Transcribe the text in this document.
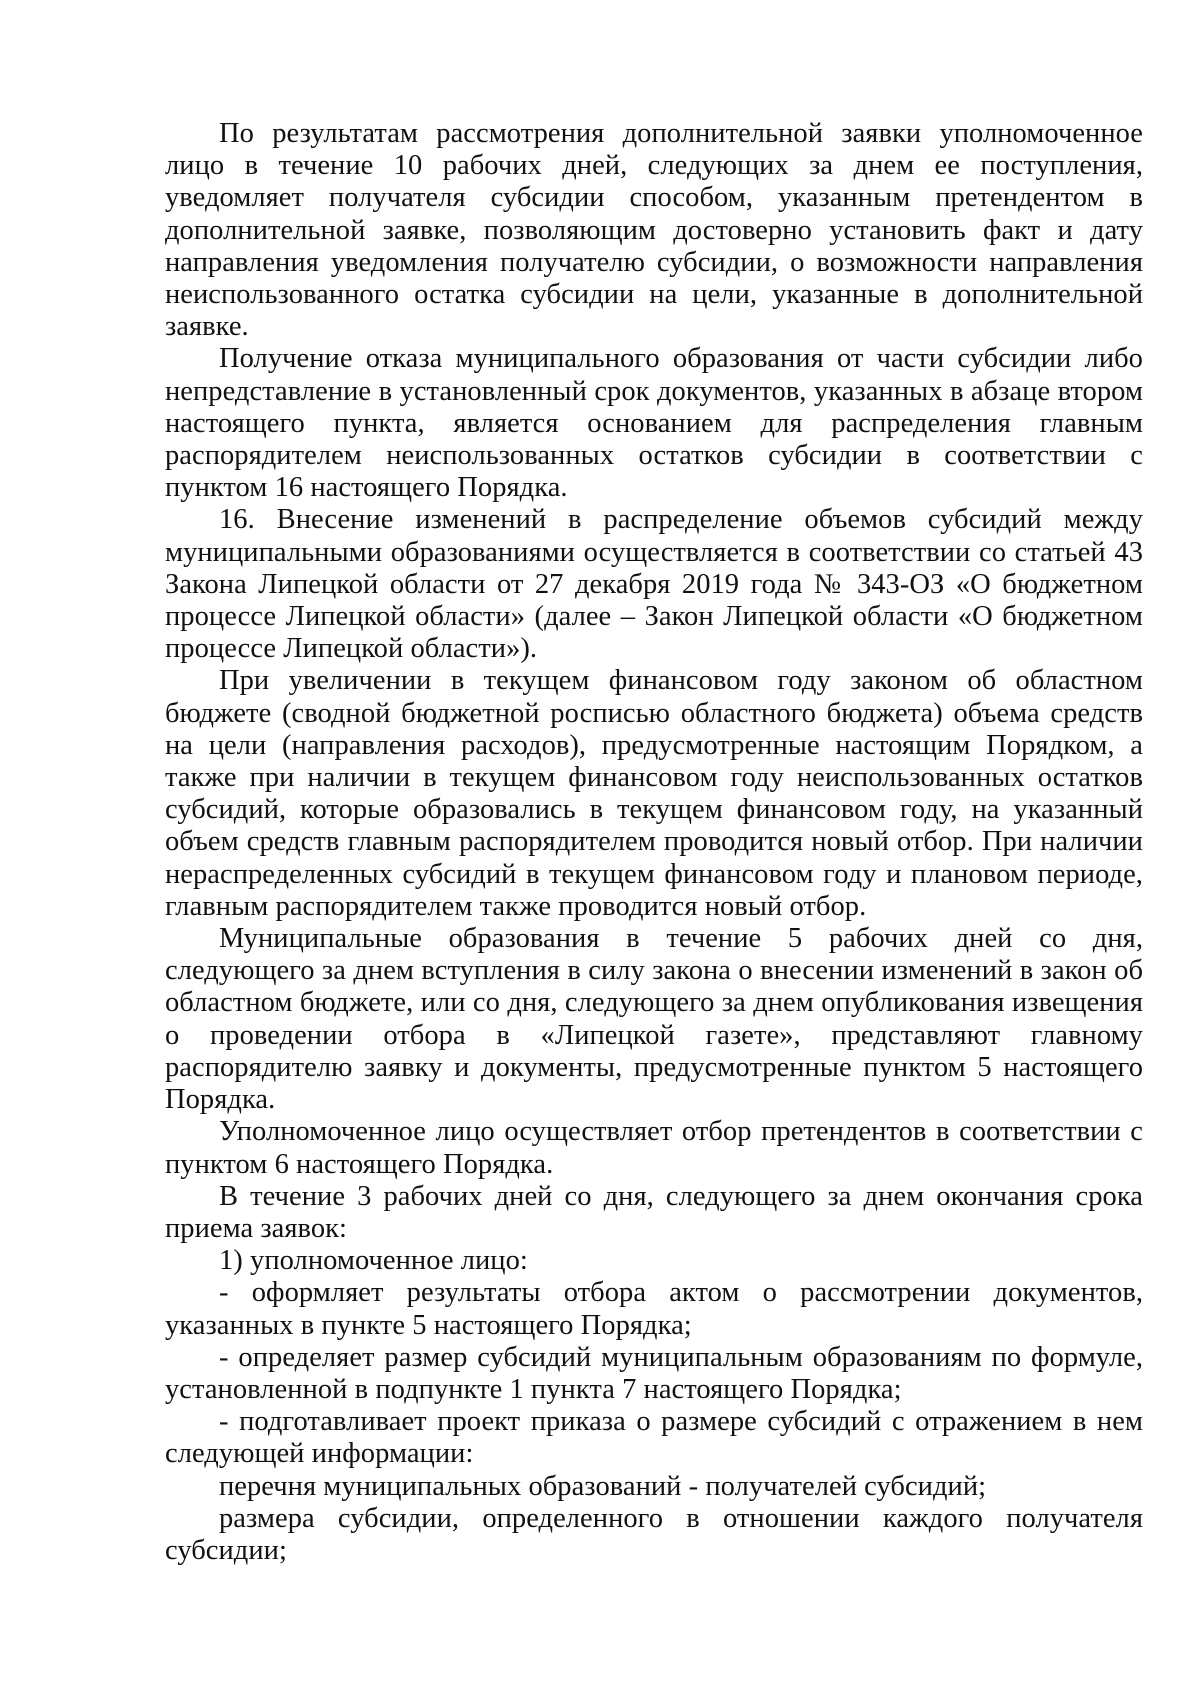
По результатам рассмотрения дополнительной заявки уполномоченное лицо в течение 10 рабочих дней, следующих за днем ее поступления, уведомляет получателя субсидии способом, указанным претендентом в дополнительной заявке, позволяющим достоверно установить факт и дату направления уведомления получателю субсидии, о возможности направления неиспользованного остатка субсидии на цели, указанные в дополнительной заявке.

Получение отказа муниципального образования от части субсидии либо непредставление в установленный срок документов, указанных в абзаце втором настоящего пункта, является основанием для распределения главным распорядителем неиспользованных остатков субсидии в соответствии с пунктом 16 настоящего Порядка.

16. Внесение изменений в распределение объемов субсидий между муниципальными образованиями осуществляется в соответствии со статьей 43 Закона Липецкой области от 27 декабря 2019 года № 343-ОЗ «О бюджетном процессе Липецкой области» (далее – Закон Липецкой области «О бюджетном процессе Липецкой области»).

При увеличении в текущем финансовом году законом об областном бюджете (сводной бюджетной росписью областного бюджета) объема средств на цели (направления расходов), предусмотренные настоящим Порядком, а также при наличии в текущем финансовом году неиспользованных остатков субсидий, которые образовались в текущем финансовом году, на указанный объем средств главным распорядителем проводится новый отбор. При наличии нераспределенных субсидий в текущем финансовом году и плановом периоде, главным распорядителем также проводится новый отбор.

Муниципальные образования в течение 5 рабочих дней со дня, следующего за днем вступления в силу закона о внесении изменений в закон об областном бюджете, или со дня, следующего за днем опубликования извещения о проведении отбора в «Липецкой газете», представляют главному распорядителю заявку и документы, предусмотренные пунктом 5 настоящего Порядка.

Уполномоченное лицо осуществляет отбор претендентов в соответствии с пунктом 6 настоящего Порядка.

В течение 3 рабочих дней со дня, следующего за днем окончания срока приема заявок:

1) уполномоченное лицо:

- оформляет результаты отбора актом о рассмотрении документов, указанных в пункте 5 настоящего Порядка;

- определяет размер субсидий муниципальным образованиям по формуле, установленной в подпункте 1 пункта 7 настоящего Порядка;

- подготавливает проект приказа о размере субсидий с отражением в нем следующей информации:

перечня муниципальных образований - получателей субсидий;

размера субсидии, определенного в отношении каждого получателя субсидии;
